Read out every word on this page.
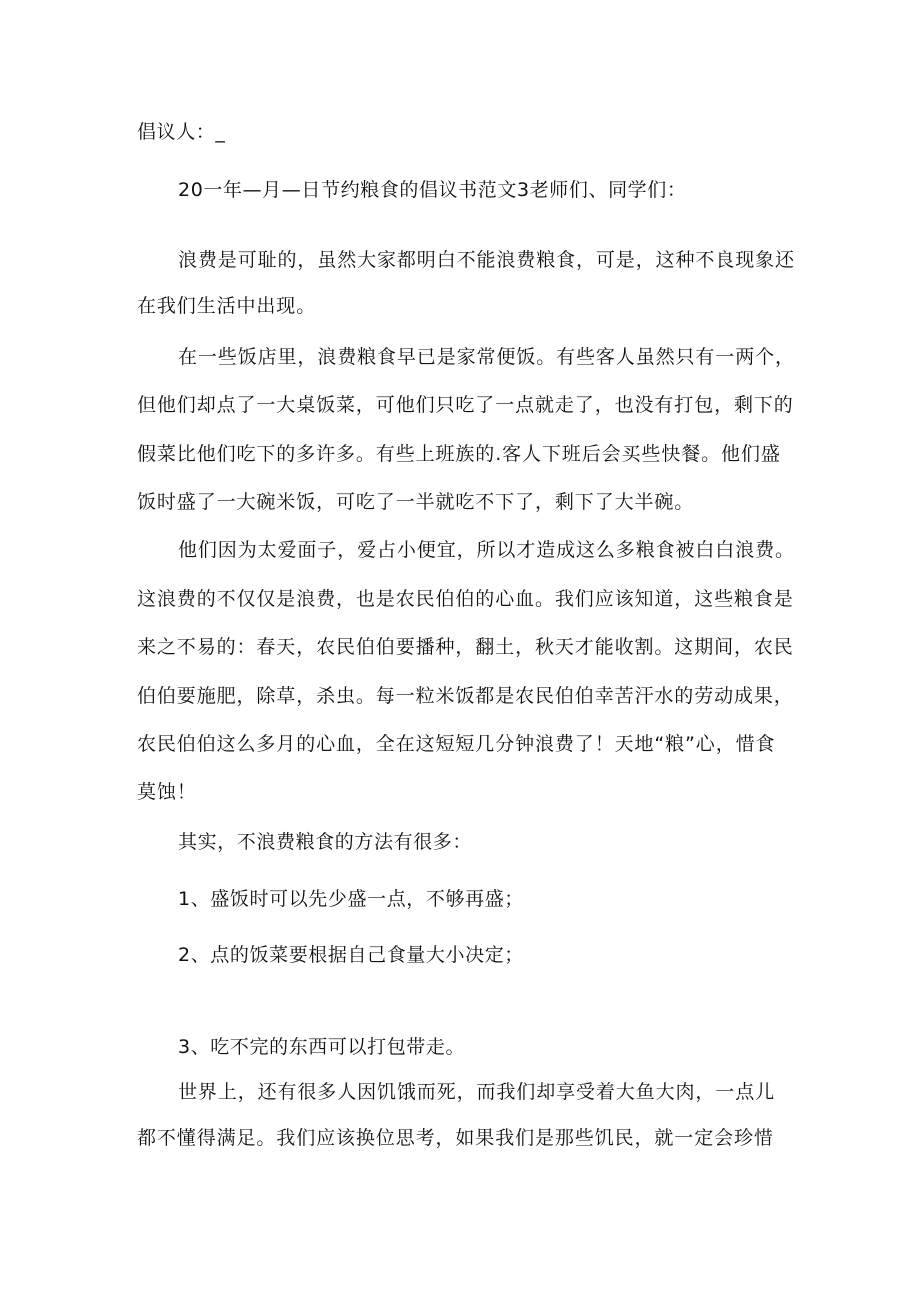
倡议人：_
20一年—月—日节约粮食的倡议书范文3老师们、同学们：
浪费是可耻的，虽然大家都明白不能浪费粮食，可是，这种不良现象还
在我们生活中出现。
在一些饭店里，浪费粮食早已是家常便饭。有些客人虽然只有一两个，
但他们却点了一大桌饭菜，可他们只吃了一点就走了，也没有打包，剩下的
假菜比他们吃下的多许多。有些上班族的.客人下班后会买些快餐。他们盛
饭时盛了一大碗米饭，可吃了一半就吃不下了，剩下了大半碗。
他们因为太爱面子，爱占小便宜，所以才造成这么多粮食被白白浪费。
这浪费的不仅仅是浪费，也是农民伯伯的心血。我们应该知道，这些粮食是
来之不易的：春天，农民伯伯要播种，翻土，秋天才能收割。这期间，农民
伯伯要施肥，除草，杀虫。每一粒米饭都是农民伯伯幸苦汗水的劳动成果，
农民伯伯这么多月的心血，全在这短短几分钟浪费了！天地“粮”心，惜食
莫蚀！
其实，不浪费粮食的方法有很多：
1、盛饭时可以先少盛一点，不够再盛；
2、点的饭菜要根据自己食量大小决定；
3、吃不完的东西可以打包带走。
世界上，还有很多人因饥饿而死，而我们却享受着大鱼大肉，一点儿
都不懂得满足。我们应该换位思考，如果我们是那些饥民，就一定会珍惜
